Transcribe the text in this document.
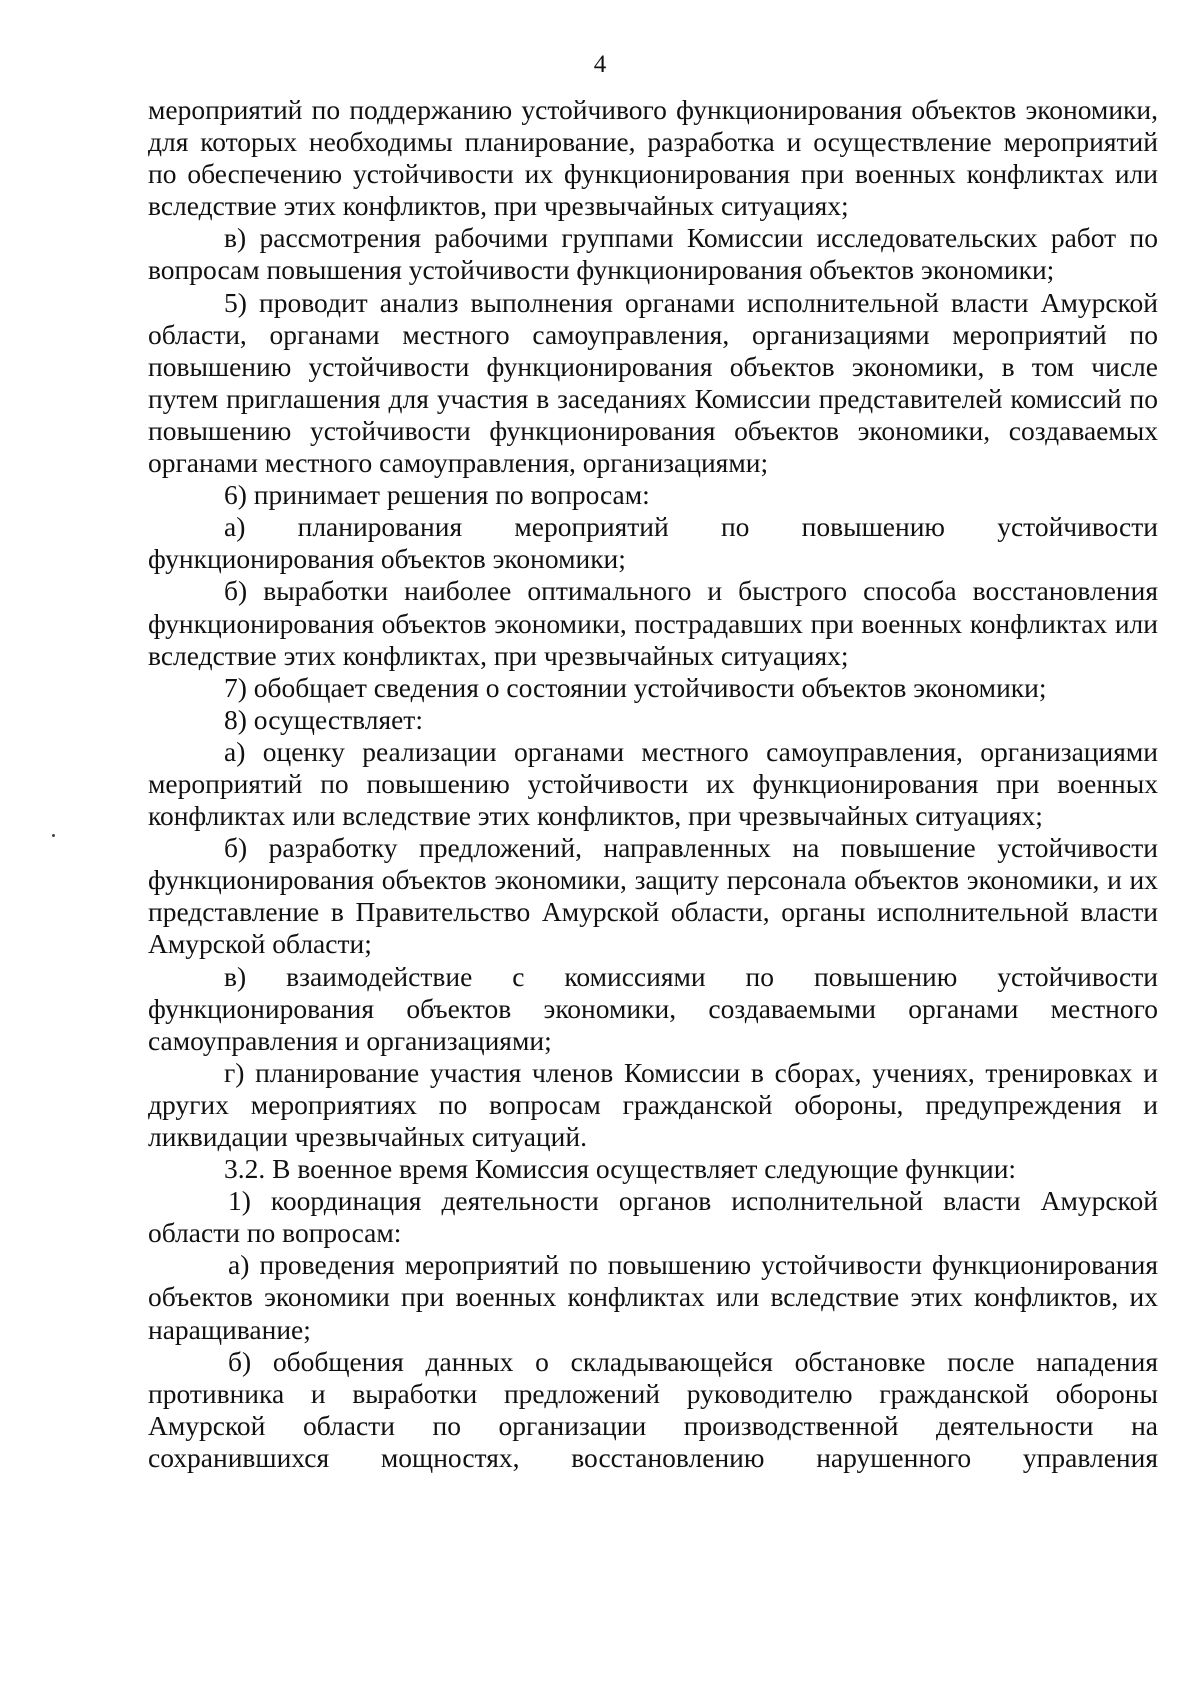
4

мероприятий по поддержанию устойчивого функционирования объектов экономики, для которых необходимы планирование, разработка и осуществление мероприятий по обеспечению устойчивости их функционирования при военных конфликтах или вследствие этих конфликтов, при чрезвычайных ситуациях;

в) рассмотрения рабочими группами Комиссии исследовательских работ по вопросам повышения устойчивости функционирования объектов экономики;

5) проводит анализ выполнения органами исполнительной власти Амурской области, органами местного самоуправления, организациями мероприятий по повышению устойчивости функционирования объектов экономики, в том числе путем приглашения для участия в заседаниях Комиссии представителей комиссий по повышению устойчивости функционирования объектов экономики, создаваемых органами местного самоуправления, организациями;

6) принимает решения по вопросам:

а) планирования мероприятий по повышению устойчивости функционирования объектов экономики;

б) выработки наиболее оптимального и быстрого способа восстановления функционирования объектов экономики, пострадавших при военных конфликтах или вследствие этих конфликтах, при чрезвычайных ситуациях;

7) обобщает сведения о состоянии устойчивости объектов экономики;

8) осуществляет:

а) оценку реализации органами местного самоуправления, организациями мероприятий по повышению устойчивости их функционирования при военных конфликтах или вследствие этих конфликтов, при чрезвычайных ситуациях;

б) разработку предложений, направленных на повышение устойчивости функционирования объектов экономики, защиту персонала объектов экономики, и их представление в Правительство Амурской области, органы исполнительной власти Амурской области;

в) взаимодействие с комиссиями по повышению устойчивости функционирования объектов экономики, создаваемыми органами местного самоуправления и организациями;

г) планирование участия членов Комиссии в сборах, учениях, тренировках и других мероприятиях по вопросам гражданской обороны, предупреждения и ликвидации чрезвычайных ситуаций.

3.2. В военное время Комиссия осуществляет следующие функции:

1) координация деятельности органов исполнительной власти Амурской области по вопросам:

а) проведения мероприятий по повышению устойчивости функционирования объектов экономики при военных конфликтах или вследствие этих конфликтов, их наращивание;

б) обобщения данных о складывающейся обстановке после нападения противника и выработки предложений руководителю гражданской обороны Амурской области по организации производственной деятельности на сохранившихся мощностях, восстановлению нарушенного управления
